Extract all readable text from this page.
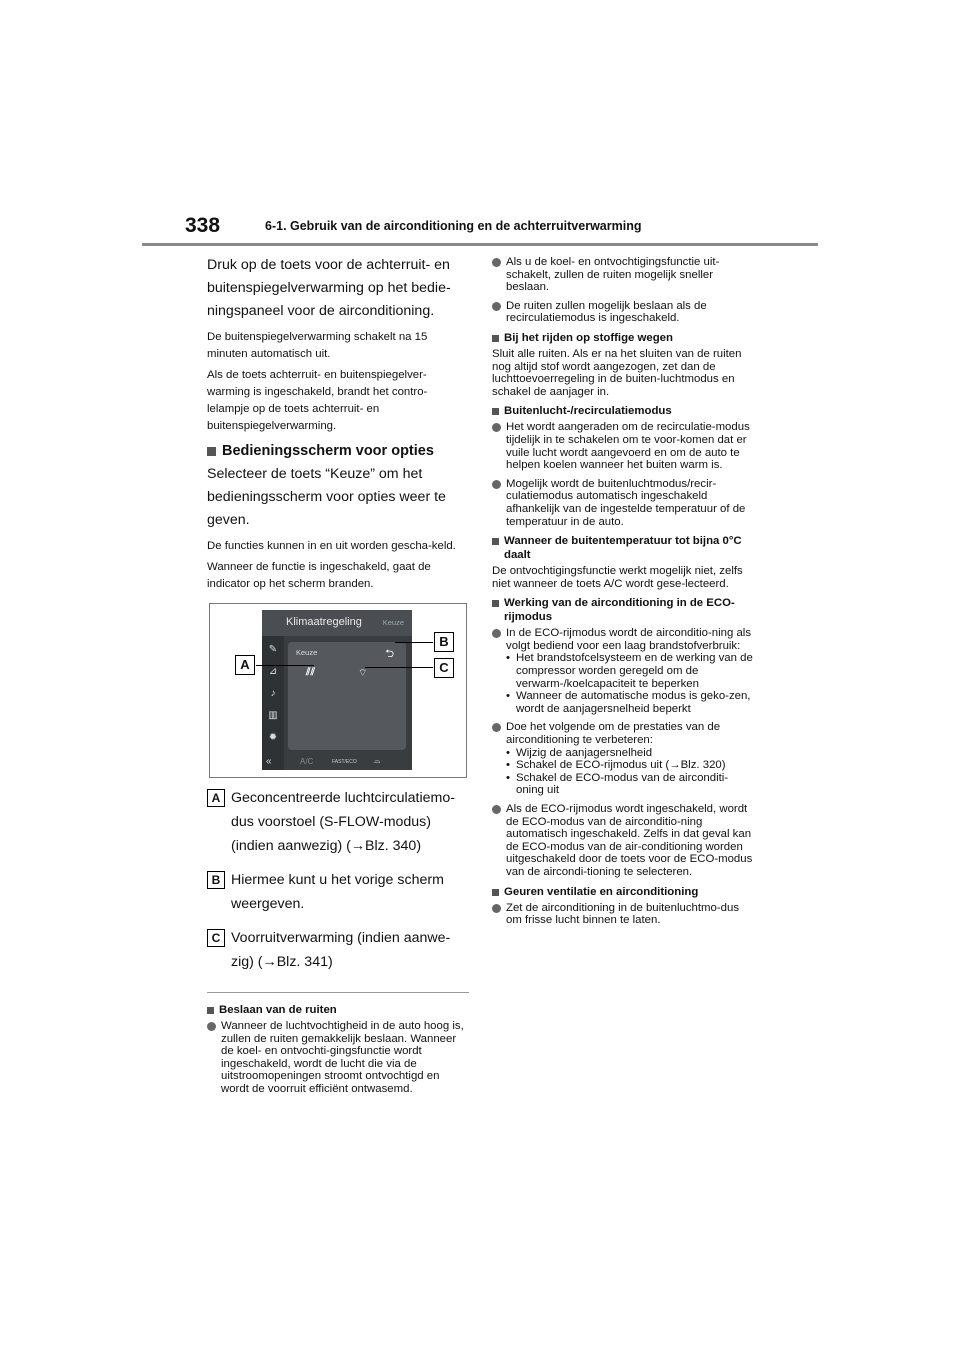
338	6-1. Gebruik van de airconditioning en de achterruitverwarming

Druk op de toets voor de achterruit- en buitenspiegelverwarming op het bedie-ningspaneel voor de airconditioning.

De buitenspiegelverwarming schakelt na 15 minuten automatisch uit.

Als de toets achterruit- en buitenspiegelver-warming is ingeschakeld, brandt het contro-lelampje op de toets achterruit- en buitenspiegelverwarming.

Bedieningsscherm voor opties

Selecteer de toets “Keuze” om het bedieningsscherm voor opties weer te geven.

De functies kunnen in en uit worden gescha-keld.

Wanneer de functie is ingeschakeld, gaat de indicator op het scherm branden.

Klimaatregeling	Keuze
✎
⊿
♪
▥
✹
Keuze	⮌
⫽⫽	⌔
«	A/C	FAST/ECO ⌓
A
B
C
A Geconcentreerde luchtcirculatiemo-dus voorstoel (S-FLOW-modus) (indien aanwezig) (→Blz. 340)
B Hiermee kunt u het vorige scherm weergeven.
C Voorruitverwarming (indien aanwe-zig) (→Blz. 341)
Beslaan van de ruiten
Wanneer de luchtvochtigheid in de auto hoog is, zullen de ruiten gemakkelijk beslaan. Wanneer de koel- en ontvochti-gingsfunctie wordt ingeschakeld, wordt de lucht die via de uitstroomopeningen stroomt ontvochtigd en wordt de voorruit efficiënt ontwasemd.
Als u de koel- en ontvochtigingsfunctie uit-schakelt, zullen de ruiten mogelijk sneller beslaan.
De ruiten zullen mogelijk beslaan als de recirculatiemodus is ingeschakeld.
Bij het rijden op stoffige wegen

Sluit alle ruiten. Als er na het sluiten van de ruiten nog altijd stof wordt aangezogen, zet dan de luchttoevoerregeling in de buiten-luchtmodus en schakel de aanjager in.

Buitenlucht-/recirculatiemodus
Het wordt aangeraden om de recirculatie-modus tijdelijk in te schakelen om te voor-komen dat er vuile lucht wordt aangevoerd en om de auto te helpen koelen wanneer het buiten warm is.
Mogelijk wordt de buitenluchtmodus/recir-culatiemodus automatisch ingeschakeld afhankelijk van de ingestelde temperatuur of de temperatuur in de auto.
Wanneer de buitentemperatuur tot bijna 0°C daalt

De ontvochtigingsfunctie werkt mogelijk niet, zelfs niet wanneer de toets A/C wordt gese-lecteerd.

Werking van de airconditioning in de ECO-rijmodus
In de ECO-rijmodus wordt de airconditio-ning als volgt bediend voor een laag brandstofverbruik:
• Het brandstofcelsysteem en de werking van de compressor worden geregeld om de verwarm-/koelcapaciteit te beperken
• Wanneer de automatische modus is geko-zen, wordt de aanjagersnelheid beperkt
Doe het volgende om de prestaties van de airconditioning te verbeteren:
• Wijzig de aanjagersnelheid
• Schakel de ECO-rijmodus uit (→Blz. 320)
• Schakel de ECO-modus van de airconditi-oning uit
Als de ECO-rijmodus wordt ingeschakeld, wordt de ECO-modus van de airconditio-ning automatisch ingeschakeld. Zelfs in dat geval kan de ECO-modus van de air-conditioning worden uitgeschakeld door de toets voor de ECO-modus van de aircondi-tioning te selecteren.
Geuren ventilatie en airconditioning
Zet de airconditioning in de buitenluchtmo-dus om frisse lucht binnen te laten.
